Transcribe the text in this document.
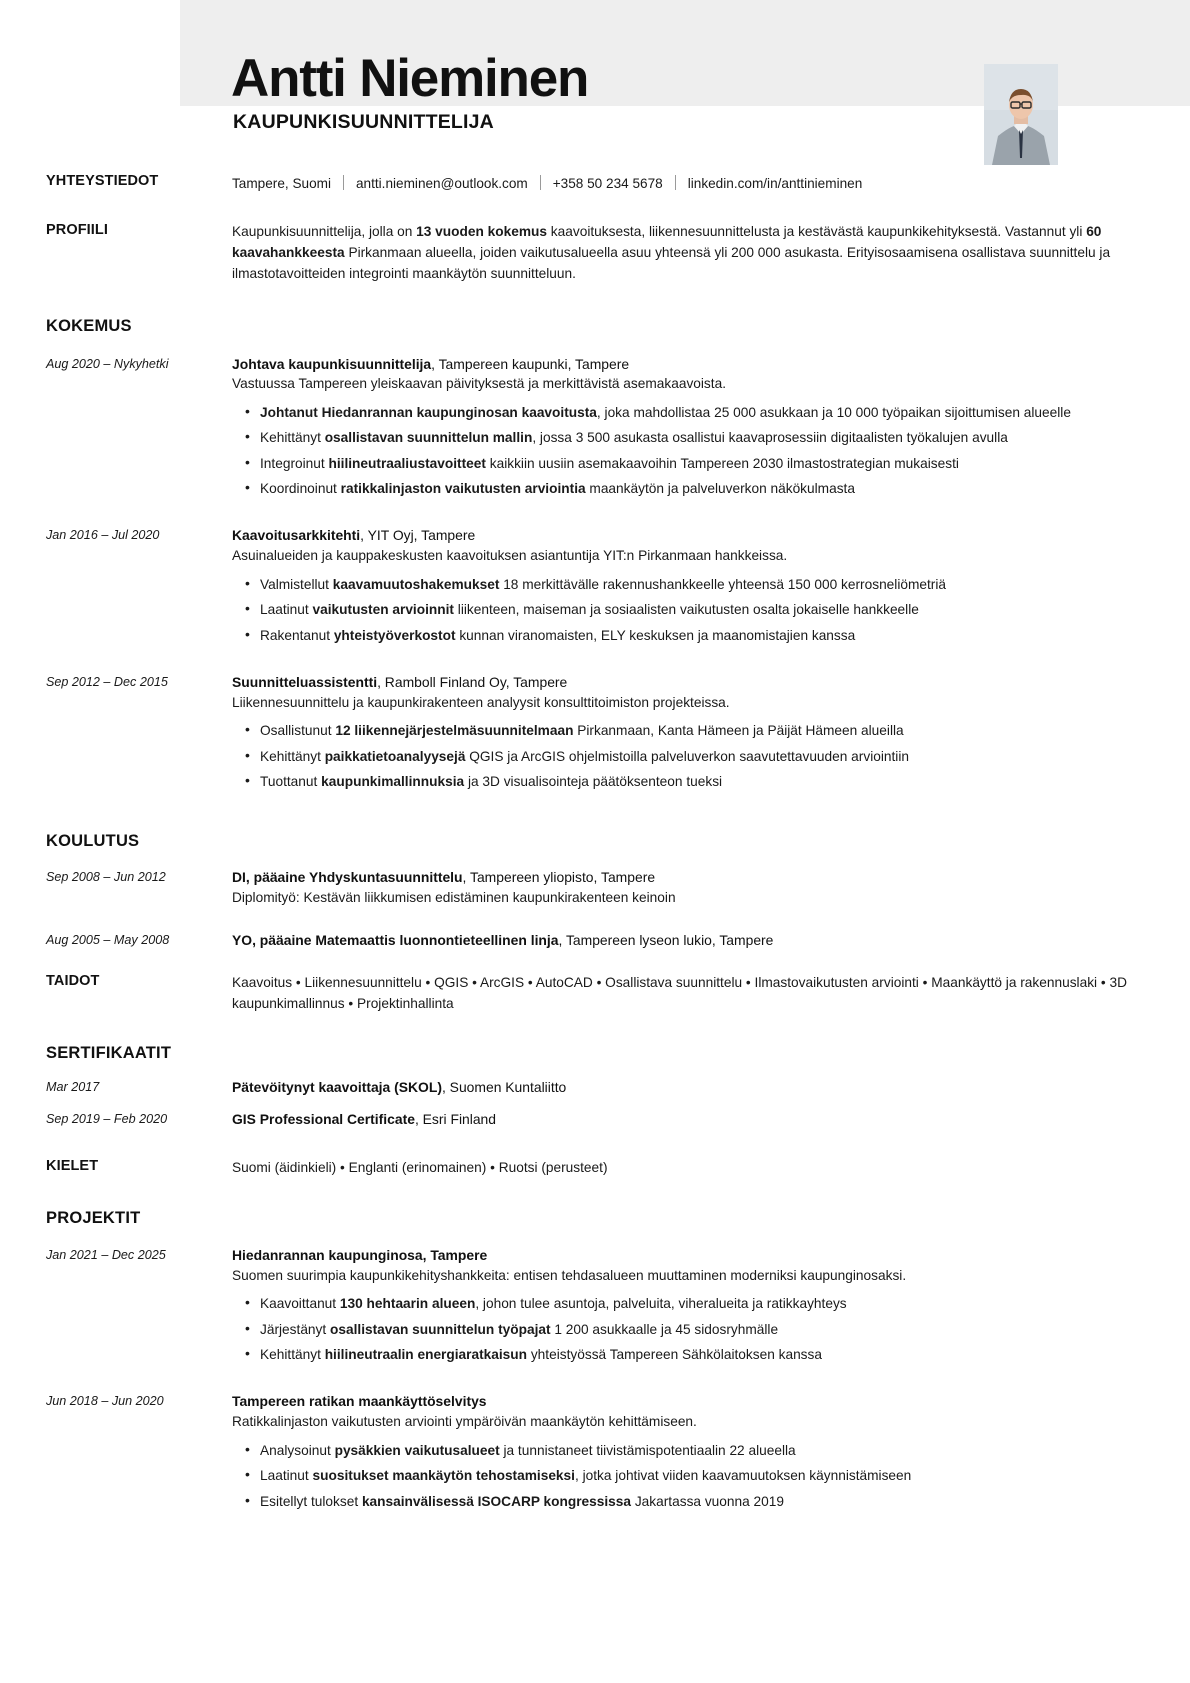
Antti Nieminen
KAUPUNKISUUNNITTELIJA
YHTEYSTIEDOT	Tampere, Suomi antti.nieminen@outlook.com +358 50 234 5678 linkedin.com/in/anttinieminen
PROFIILI	Kaupunkisuunnittelija, jolla on 13 vuoden kokemus kaavoituksesta, liikennesuunnittelusta ja kestävästä kaupunkikehityksestä. Vastannut yli 60 kaavahankkeesta Pirkanmaan alueella, joiden vaikutusalueella asuu yhteensä yli 200 000 asukasta. Erityisosaamisena osallistava suunnittelu ja ilmastotavoitteiden integrointi maankäytön suunnitteluun.
KOKEMUS
Aug 2020 – Nykyhetki	Johtava kaupunkisuunnittelija, Tampereen kaupunki, Tampere
Vastuussa Tampereen yleiskaavan päivityksestä ja merkittävistä asemakaavoista.
• Johtanut Hiedanrannan kaupunginosan kaavoitusta, joka mahdollistaa 25 000 asukkaan ja 10 000 työpaikan sijoittumisen alueelle
• Kehittänyt osallistavan suunnittelun mallin, jossa 3 500 asukasta osallistui kaavaprosessiin digitaalisten työkalujen avulla
• Integroinut hiilineutraaliustavoitteet kaikkiin uusiin asemakaavoihin Tampereen 2030 ilmastostrategian mukaisesti
• Koordinoinut ratikkalinjaston vaikutusten arviointia maankäytön ja palveluverkon näkökulmasta
Jan 2016 – Jul 2020	Kaavoitusarkkitehti, YIT Oyj, Tampere
Asuinalueiden ja kauppakeskusten kaavoituksen asiantuntija YIT:n Pirkanmaan hankkeissa.
• Valmistellut kaavamuutoshakemukset 18 merkittävälle rakennushankkeelle yhteensä 150 000 kerrosneliömetriä
• Laatinut vaikutusten arvioinnit liikenteen, maiseman ja sosiaalisten vaikutusten osalta jokaiselle hankkeelle
• Rakentanut yhteistyöverkostot kunnan viranomaisten, ELY keskuksen ja maanomistajien kanssa
Sep 2012 – Dec 2015	Suunnitteluassistentti, Ramboll Finland Oy, Tampere
Liikennesuunnittelu ja kaupunkirakenteen analyysit konsulttitoimiston projekteissa.
• Osallistunut 12 liikennejärjestelmäsuunnitelmaan Pirkanmaan, Kanta Hämeen ja Päijät Hämeen alueilla
• Kehittänyt paikkatietoanalyysejä QGIS ja ArcGIS ohjelmistoilla palveluverkon saavutettavuuden arviointiin
• Tuottanut kaupunkimallinnuksia ja 3D visualisointeja päätöksenteon tueksi
KOULUTUS
Sep 2008 – Jun 2012	DI, pääaine Yhdyskuntasuunnittelu, Tampereen yliopisto, Tampere
Diplomityö: Kestävän liikkumisen edistäminen kaupunkirakenteen keinoin
Aug 2005 – May 2008	YO, pääaine Matemaattis luonnontieteellinen linja, Tampereen lyseon lukio, Tampere
TAIDOT	Kaavoitus • Liikennesuunnittelu • QGIS • ArcGIS • AutoCAD • Osallistava suunnittelu • Ilmastovaikutusten arviointi • Maankäyttö ja rakennuslaki • 3D kaupunkimallinnus • Projektinhallinta
SERTIFIKAATIT
Mar 2017	Pätevöitynyt kaavoittaja (SKOL), Suomen Kuntaliitto
Sep 2019 – Feb 2020	GIS Professional Certificate, Esri Finland
KIELET	Suomi (äidinkieli) • Englanti (erinomainen) • Ruotsi (perusteet)
PROJEKTIT
Jan 2021 – Dec 2025	Hiedanrannan kaupunginosa, Tampere
Suomen suurimpia kaupunkikehityshankkeita: entisen tehdasalueen muuttaminen moderniksi kaupunginosaksi.
• Kaavoittanut 130 hehtaarin alueen, johon tulee asuntoja, palveluita, viheralueita ja ratikkayhteys
• Järjestänyt osallistavan suunnittelun työpajat 1 200 asukkaalle ja 45 sidosryhmälle
• Kehittänyt hiilineutraalin energiaratkaisun yhteistyössä Tampereen Sähkölaitoksen kanssa
Jun 2018 – Jun 2020	Tampereen ratikan maankäyttöselvitys
Ratikkalinjaston vaikutusten arviointi ympäröivän maankäytön kehittämiseen.
• Analysoinut pysäkkien vaikutusalueet ja tunnistaneet tiivistämispotentiaalin 22 alueella
• Laatinut suositukset maankäytön tehostamiseksi, jotka johtivat viiden kaavamuutoksen käynnistämiseen
• Esitellyt tulokset kansainvälisessä ISOCARP kongressissa Jakartassa vuonna 2019
